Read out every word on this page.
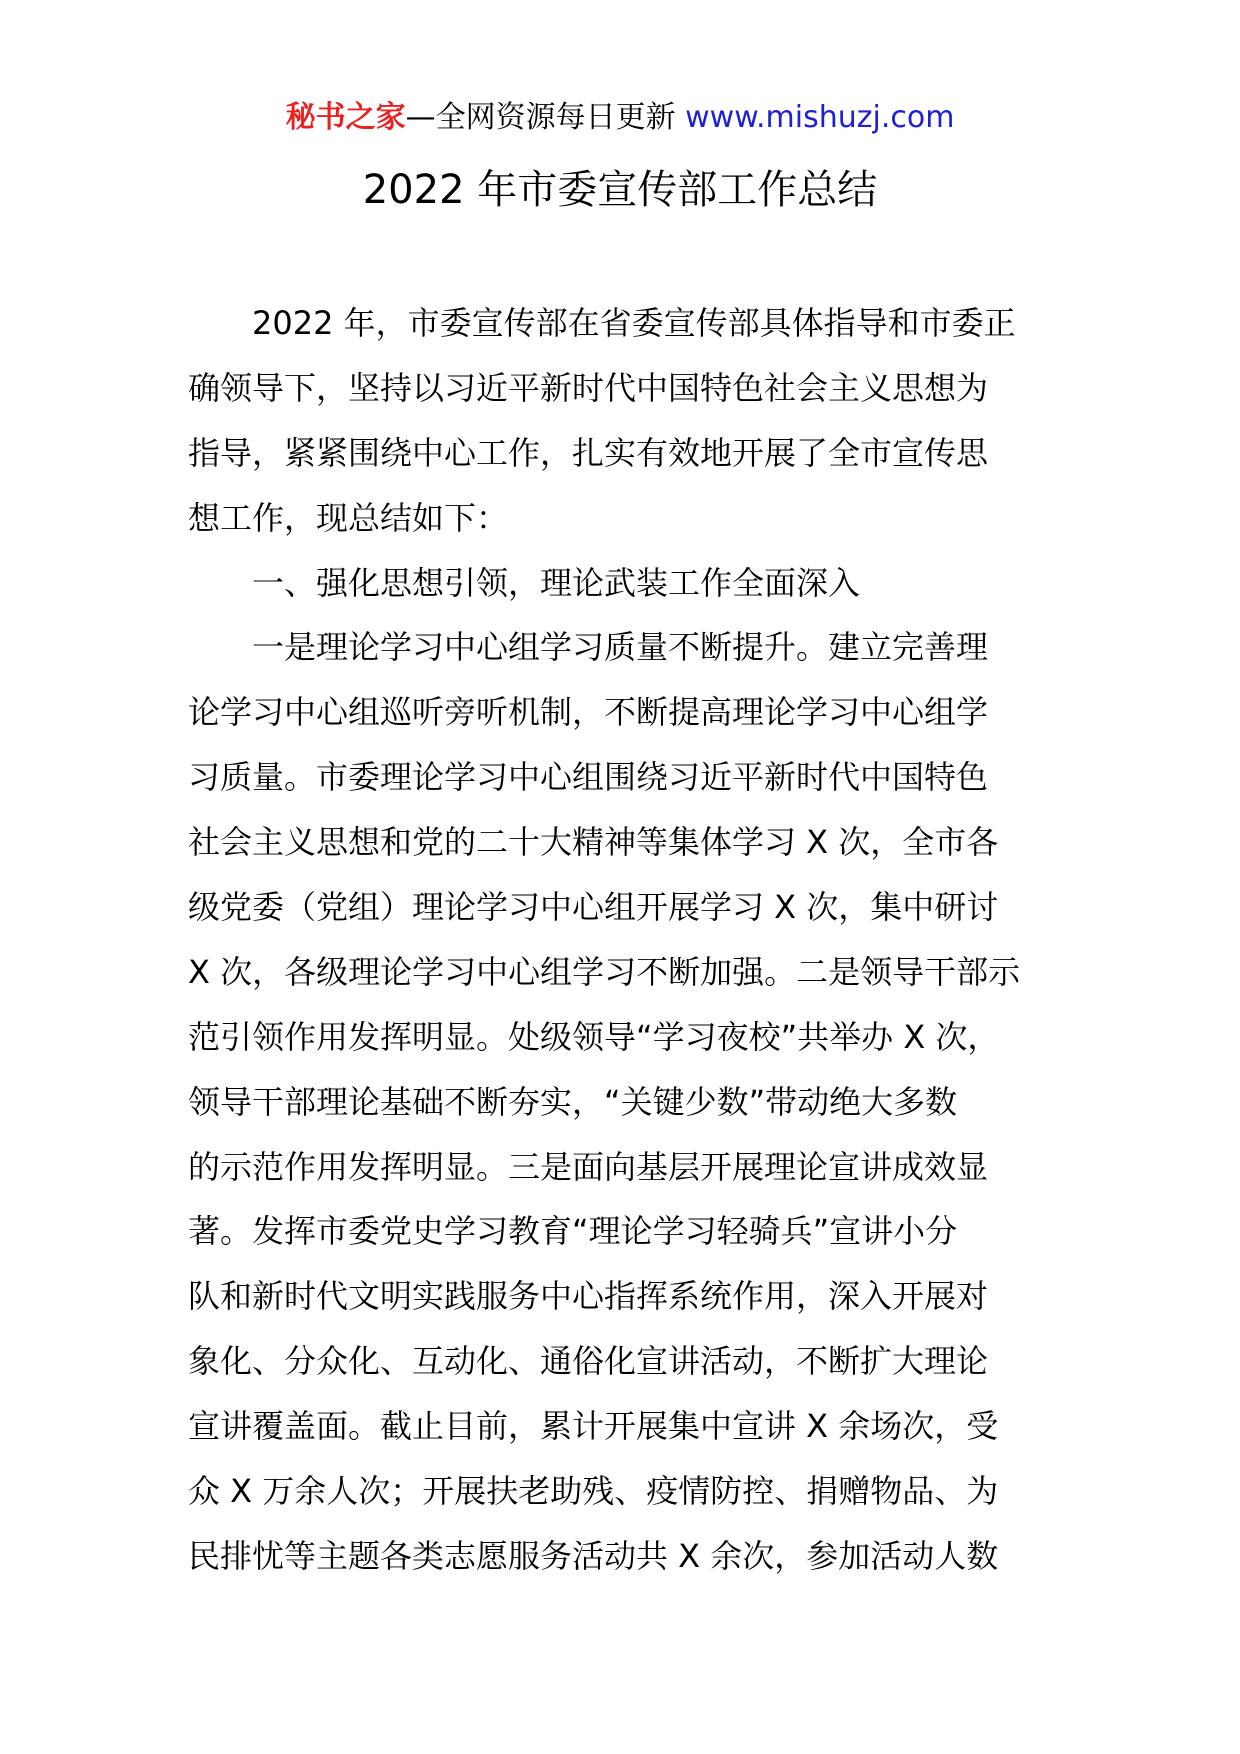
秘书之家—全网资源每日更新 www.mishuzj.com
2022 年市委宣传部工作总结
2022 年，市委宣传部在省委宣传部具体指导和市委正
确领导下，坚持以习近平新时代中国特色社会主义思想为
指导，紧紧围绕中心工作，扎实有效地开展了全市宣传思
想工作，现总结如下：
一、强化思想引领，理论武装工作全面深入
一是理论学习中心组学习质量不断提升。建立完善理
论学习中心组巡听旁听机制，不断提高理论学习中心组学
习质量。市委理论学习中心组围绕习近平新时代中国特色
社会主义思想和党的二十大精神等集体学习 X 次，全市各
级党委（党组）理论学习中心组开展学习 X 次，集中研讨
X 次，各级理论学习中心组学习不断加强。二是领导干部示
范引领作用发挥明显。处级领导“学习夜校”共举办 X 次，
领导干部理论基础不断夯实，“关键少数”带动绝大多数
的示范作用发挥明显。三是面向基层开展理论宣讲成效显
著。发挥市委党史学习教育“理论学习轻骑兵”宣讲小分
队和新时代文明实践服务中心指挥系统作用，深入开展对
象化、分众化、互动化、通俗化宣讲活动，不断扩大理论
宣讲覆盖面。截止目前，累计开展集中宣讲 X 余场次，受
众 X 万余人次；开展扶老助残、疫情防控、捐赠物品、为
民排忧等主题各类志愿服务活动共 X 余次，参加活动人数
